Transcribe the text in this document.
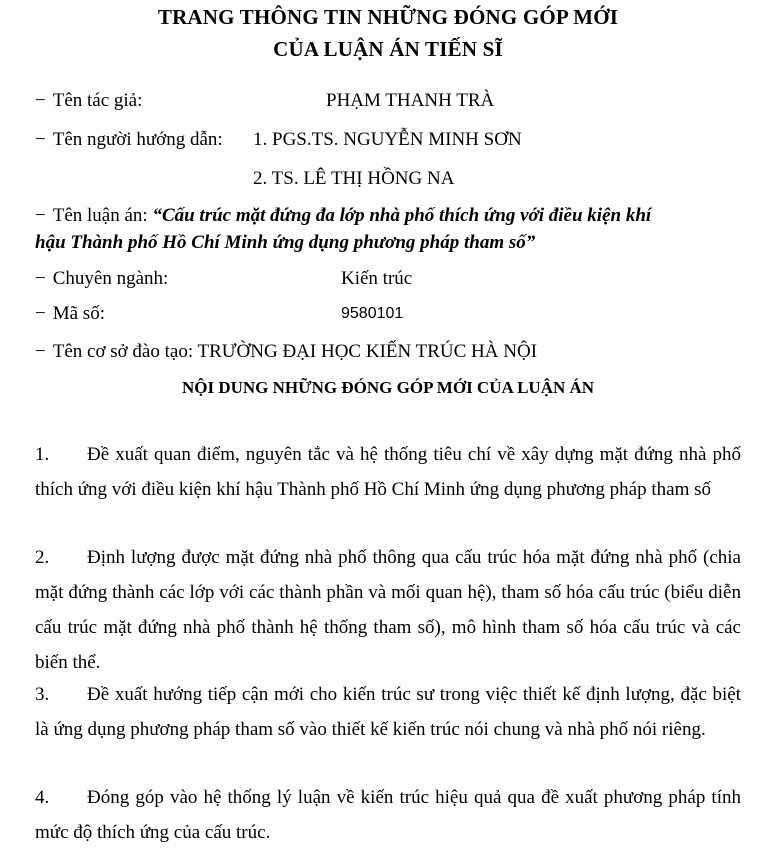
TRANG THÔNG TIN NHỮNG ĐÓNG GÓP MỚI
CỦA LUẬN ÁN TIẾN SĨ
− Tên tác giả:	PHẠM THANH TRÀ
− Tên người hướng dẫn: 1. PGS.TS. NGUYỄN MINH SƠN
2. TS. LÊ THỊ HỒNG NA
− Tên luận án: “Cấu trúc mặt đứng đa lớp nhà phố thích ứng với điều kiện khí
hậu Thành phố Hồ Chí Minh ứng dụng phương pháp tham số”
− Chuyên ngành:	Kiến trúc
− Mã số:	9580101
− Tên cơ sở đào tạo: TRƯỜNG ĐẠI HỌC KIẾN TRÚC HÀ NỘI
NỘI DUNG NHỮNG ĐÓNG GÓP MỚI CỦA LUẬN ÁN
1. Đề xuất quan điểm, nguyên tắc và hệ thống tiêu chí về xây dựng mặt đứng nhà phố thích ứng với điều kiện khí hậu Thành phố Hồ Chí Minh ứng dụng phương pháp tham số
2. Định lượng được mặt đứng nhà phố thông qua cấu trúc hóa mặt đứng nhà phố (chia mặt đứng thành các lớp với các thành phần và mối quan hệ), tham số hóa cấu trúc (biểu diễn cấu trúc mặt đứng nhà phố thành hệ thống tham số), mô hình tham số hóa cấu trúc và các biến thể.
3. Đề xuất hướng tiếp cận mới cho kiến trúc sư trong việc thiết kế định lượng, đặc biệt là ứng dụng phương pháp tham số vào thiết kế kiến trúc nói chung và nhà phố nói riêng.
4. Đóng góp vào hệ thống lý luận về kiến trúc hiệu quả qua đề xuất phương pháp tính mức độ thích ứng của cấu trúc.
